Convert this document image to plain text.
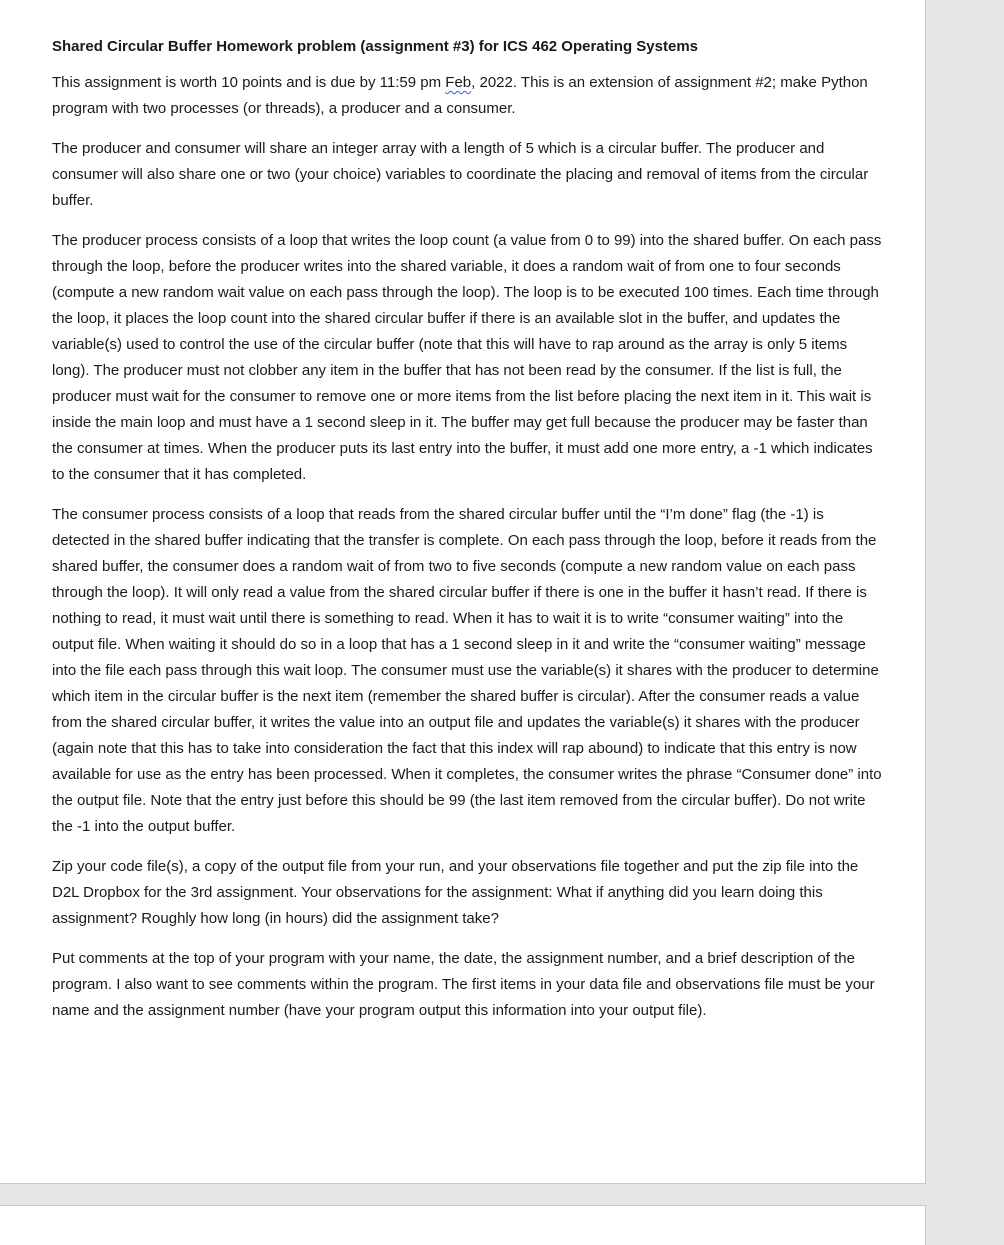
Shared Circular Buffer Homework problem (assignment #3) for ICS 462 Operating Systems

This assignment is worth 10 points and is due by 11:59 pm Feb, 2022. This is an extension of assignment #2; make Python program with two processes (or threads), a producer and a consumer.

The producer and consumer will share an integer array with a length of 5 which is a circular buffer. The producer and consumer will also share one or two (your choice) variables to coordinate the placing and removal of items from the circular buffer.

The producer process consists of a loop that writes the loop count (a value from 0 to 99) into the shared buffer. On each pass through the loop, before the producer writes into the shared variable, it does a random wait of from one to four seconds (compute a new random wait value on each pass through the loop). The loop is to be executed 100 times. Each time through the loop, it places the loop count into the shared circular buffer if there is an available slot in the buffer, and updates the variable(s) used to control the use of the circular buffer (note that this will have to rap around as the array is only 5 items long). The producer must not clobber any item in the buffer that has not been read by the consumer. If the list is full, the producer must wait for the consumer to remove one or more items from the list before placing the next item in it. This wait is inside the main loop and must have a 1 second sleep in it. The buffer may get full because the producer may be faster than the consumer at times. When the producer puts its last entry into the buffer, it must add one more entry, a -1 which indicates to the consumer that it has completed.

The consumer process consists of a loop that reads from the shared circular buffer until the “I’m done” flag (the -1) is detected in the shared buffer indicating that the transfer is complete. On each pass through the loop, before it reads from the shared buffer, the consumer does a random wait of from two to five seconds (compute a new random value on each pass through the loop). It will only read a value from the shared circular buffer if there is one in the buffer it hasn’t read. If there is nothing to read, it must wait until there is something to read. When it has to wait it is to write “consumer waiting” into the output file. When waiting it should do so in a loop that has a 1 second sleep in it and write the “consumer waiting” message into the file each pass through this wait loop. The consumer must use the variable(s) it shares with the producer to determine which item in the circular buffer is the next item (remember the shared buffer is circular). After the consumer reads a value from the shared circular buffer, it writes the value into an output file and updates the variable(s) it shares with the producer (again note that this has to take into consideration the fact that this index will rap abound) to indicate that this entry is now available for use as the entry has been processed. When it completes, the consumer writes the phrase “Consumer done” into the output file. Note that the entry just before this should be 99 (the last item removed from the circular buffer). Do not write the -1 into the output buffer.

Zip your code file(s), a copy of the output file from your run, and your observations file together and put the zip file into the D2L Dropbox for the 3rd assignment. Your observations for the assignment: What if anything did you learn doing this assignment? Roughly how long (in hours) did the assignment take?

Put comments at the top of your program with your name, the date, the assignment number, and a brief description of the program. I also want to see comments within the program. The first items in your data file and observations file must be your name and the assignment number (have your program output this information into your output file).
